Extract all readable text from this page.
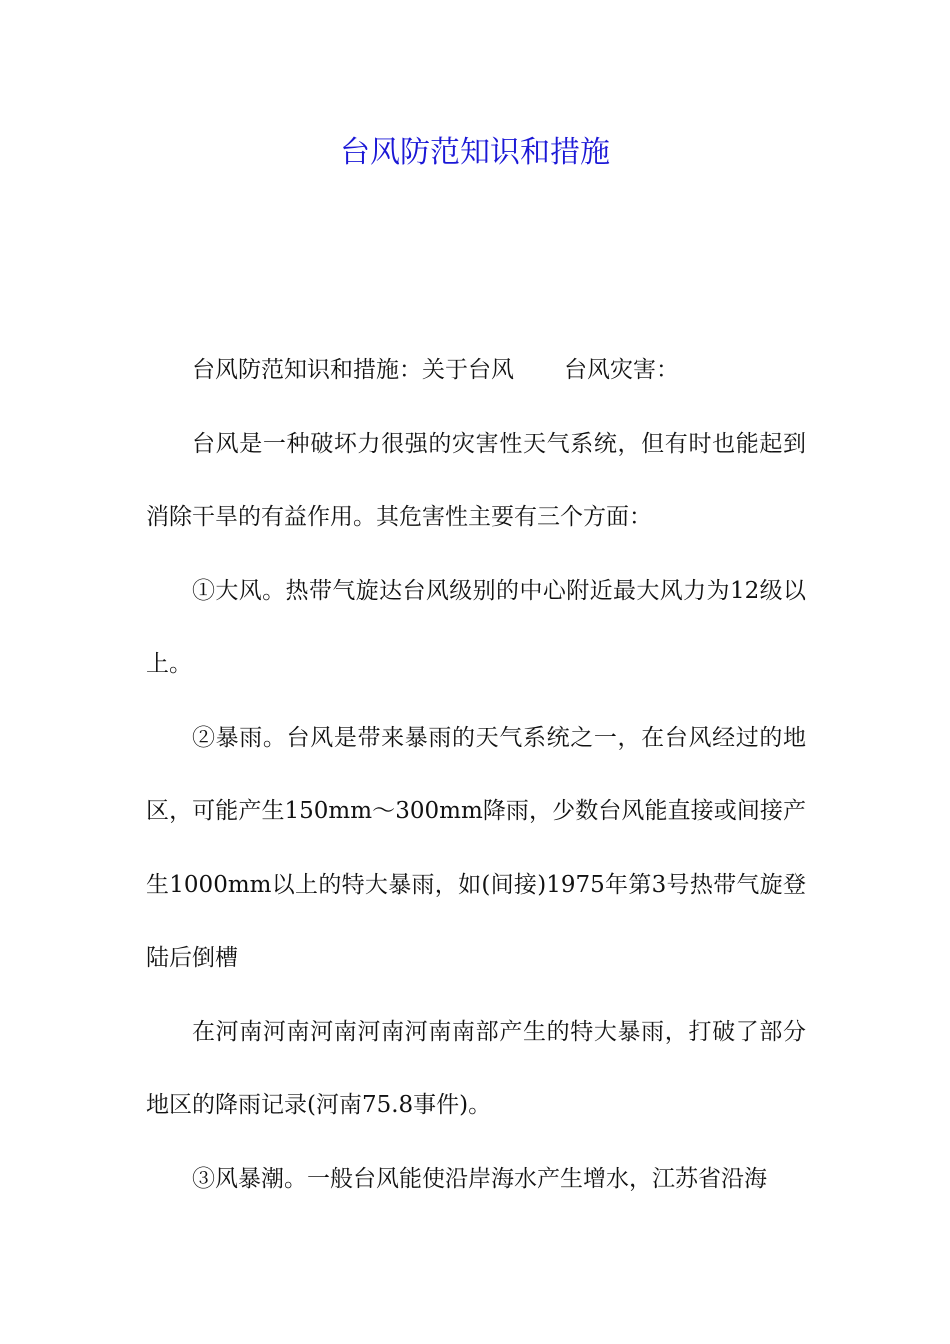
台风防范知识和措施

台风防范知识和措施：关于台风 台风灾害：

台风是一种破坏力很强的灾害性天气系统，但有时也能起到消除干旱的有益作用。其危害性主要有三个方面：

①大风。热带气旋达台风级别的中心附近最大风力为12级以上。

②暴雨。台风是带来暴雨的天气系统之一，在台风经过的地区，可能产生150mm～300mm降雨，少数台风能直接或间接产生1000mm以上的特大暴雨，如(间接)1975年第3号热带气旋登陆后倒槽

在河南河南河南河南河南南部产生的特大暴雨，打破了部分地区的降雨记录(河南75.8事件)。

③风暴潮。一般台风能使沿岸海水产生增水，江苏省沿海
